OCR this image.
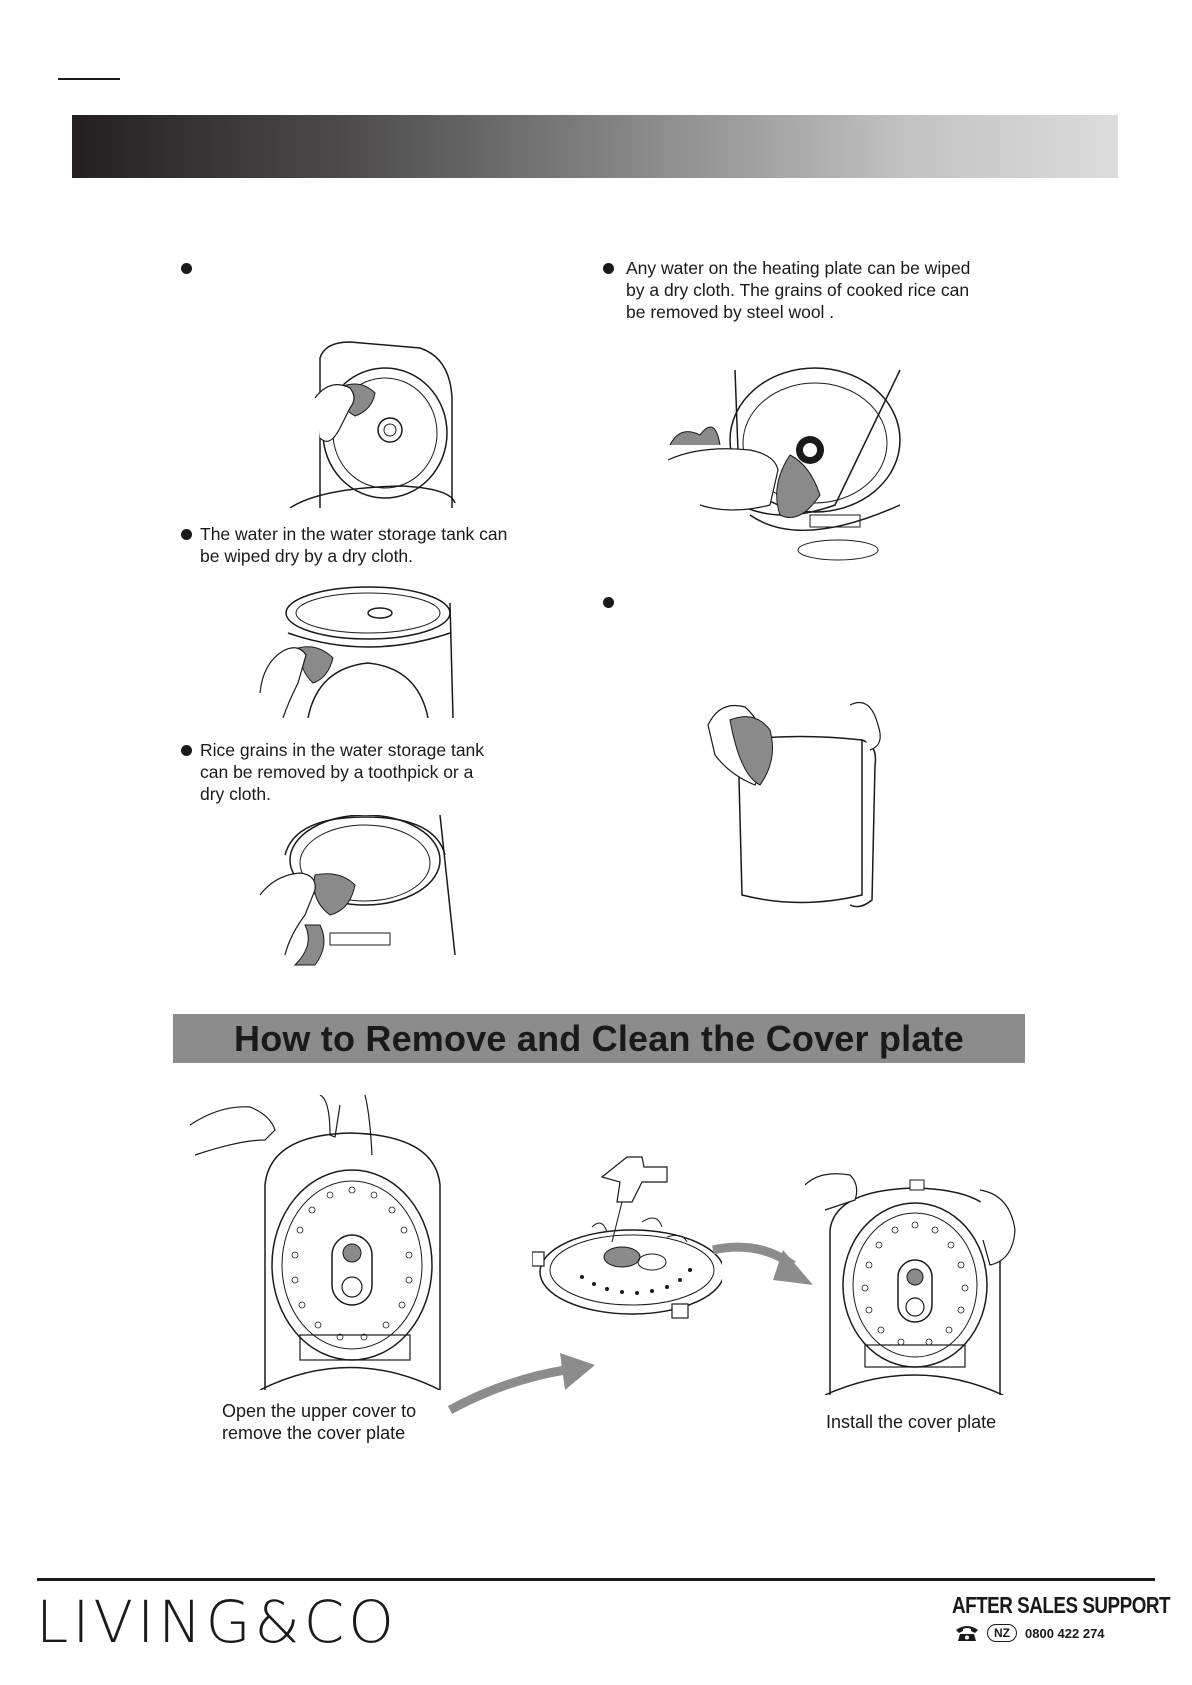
The water in the water storage tank can
be wiped dry by a dry cloth.
Rice grains in the water storage tank
can be removed by a toothpick or a
dry cloth.
Any water on the heating plate can be wiped
by a dry cloth. The grains of cooked rice can
be removed by steel wool .
How to Remove and Clean the Cover plate
Open the upper cover to
remove the cover plate
Install the cover plate
LIVING&CO	AFTER SALES SUPPORT
NZ	0800 422 274
